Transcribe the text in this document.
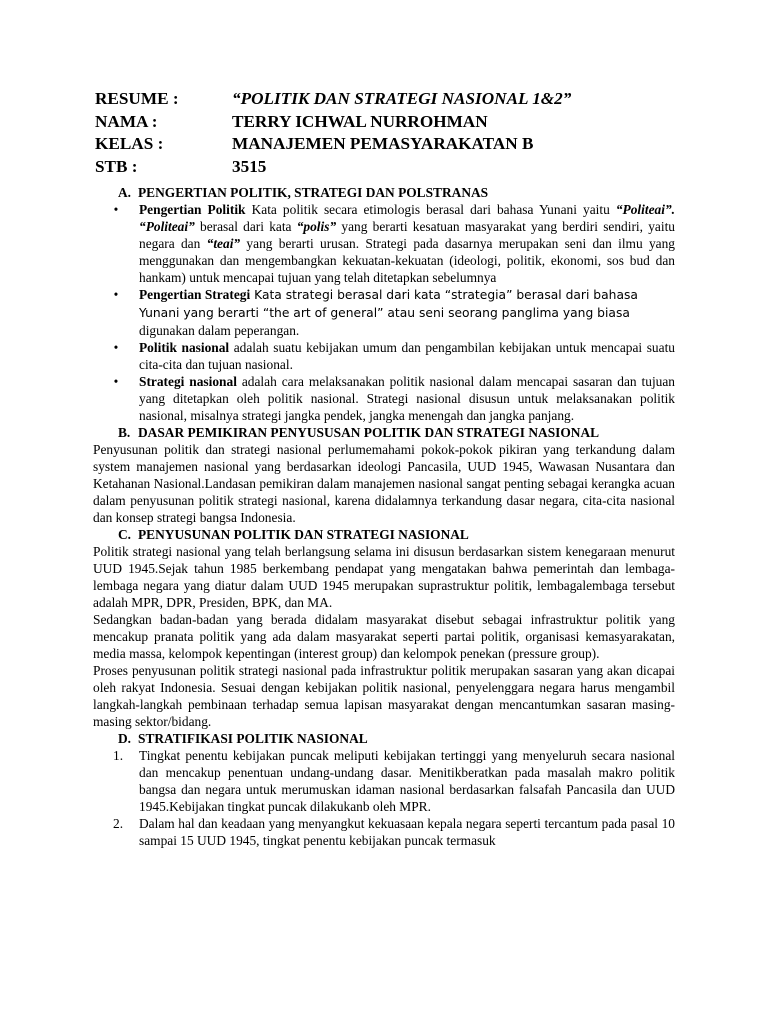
RESUME :	“POLITIK DAN STRATEGI NASIONAL 1&2”
NAMA :	TERRY ICHWAL NURROHMAN
KELAS :	MANAJEMEN PEMASYARAKATAN B
STB :	3515
A. PENGERTIAN POLITIK, STRATEGI DAN POLSTRANAS
•	Pengertian Politik Kata politik secara etimologis berasal dari bahasa Yunani yaitu “Politeai”. “Politeai” berasal dari kata “polis” yang berarti kesatuan masyarakat yang berdiri sendiri, yaitu negara dan “teai” yang berarti urusan. Strategi pada dasarnya merupakan seni dan ilmu yang menggunakan dan mengembangkan kekuatan-kekuatan (ideologi, politik, ekonomi, sos bud dan hankam) untuk mencapai tujuan yang telah ditetapkan sebelumnya
•	Pengertian Strategi Kata strategi berasal dari kata “strategia” berasal dari bahasa Yunani yang berarti “the art of general” atau seni seorang panglima yang biasa digunakan dalam peperangan.
•	Politik nasional adalah suatu kebijakan umum dan pengambilan kebijakan untuk mencapai suatu cita-cita dan tujuan nasional.
•	Strategi nasional adalah cara melaksanakan politik nasional dalam mencapai sasaran dan tujuan yang ditetapkan oleh politik nasional. Strategi nasional disusun untuk melaksanakan politik nasional, misalnya strategi jangka pendek, jangka menengah dan jangka panjang.
B. DASAR PEMIKIRAN PENYUSUSAN POLITIK DAN STRATEGI NASIONAL
Penyusunan politik dan strategi nasional perlumemahami pokok-pokok pikiran yang terkandung dalam system manajemen nasional yang berdasarkan ideologi Pancasila, UUD 1945, Wawasan Nusantara dan Ketahanan Nasional.Landasan pemikiran dalam manajemen nasional sangat penting sebagai kerangka acuan dalam penyusunan politik strategi nasional, karena didalamnya terkandung dasar negara, cita-cita nasional dan konsep strategi bangsa Indonesia.
C. PENYUSUNAN POLITIK DAN STRATEGI NASIONAL
Politik strategi nasional yang telah berlangsung selama ini disusun berdasarkan sistem kenegaraan menurut UUD 1945.Sejak tahun 1985 berkembang pendapat yang mengatakan bahwa pemerintah dan lembaga-lembaga negara yang diatur dalam UUD 1945 merupakan suprastruktur politik, lembagalembaga tersebut adalah MPR, DPR, Presiden, BPK, dan MA.
Sedangkan badan-badan yang berada didalam masyarakat disebut sebagai infrastruktur politik yang mencakup pranata politik yang ada dalam masyarakat seperti partai politik, organisasi kemasyarakatan, media massa, kelompok kepentingan (interest group) dan kelompok penekan (pressure group).
Proses penyusunan politik strategi nasional pada infrastruktur politik merupakan sasaran yang akan dicapai oleh rakyat Indonesia. Sesuai dengan kebijakan politik nasional, penyelenggara negara harus mengambil langkah-langkah pembinaan terhadap semua lapisan masyarakat dengan mencantumkan sasaran masing-masing sektor/bidang.
D. STRATIFIKASI POLITIK NASIONAL
1.	Tingkat penentu kebijakan puncak meliputi kebijakan tertinggi yang menyeluruh secara nasional dan mencakup penentuan undang-undang dasar. Menitikberatkan pada masalah makro politik bangsa dan negara untuk merumuskan idaman nasional berdasarkan falsafah Pancasila dan UUD 1945.Kebijakan tingkat puncak dilakukanb oleh MPR.
2.	Dalam hal dan keadaan yang menyangkut kekuasaan kepala negara seperti tercantum pada pasal 10 sampai 15 UUD 1945, tingkat penentu kebijakan puncak termasuk
